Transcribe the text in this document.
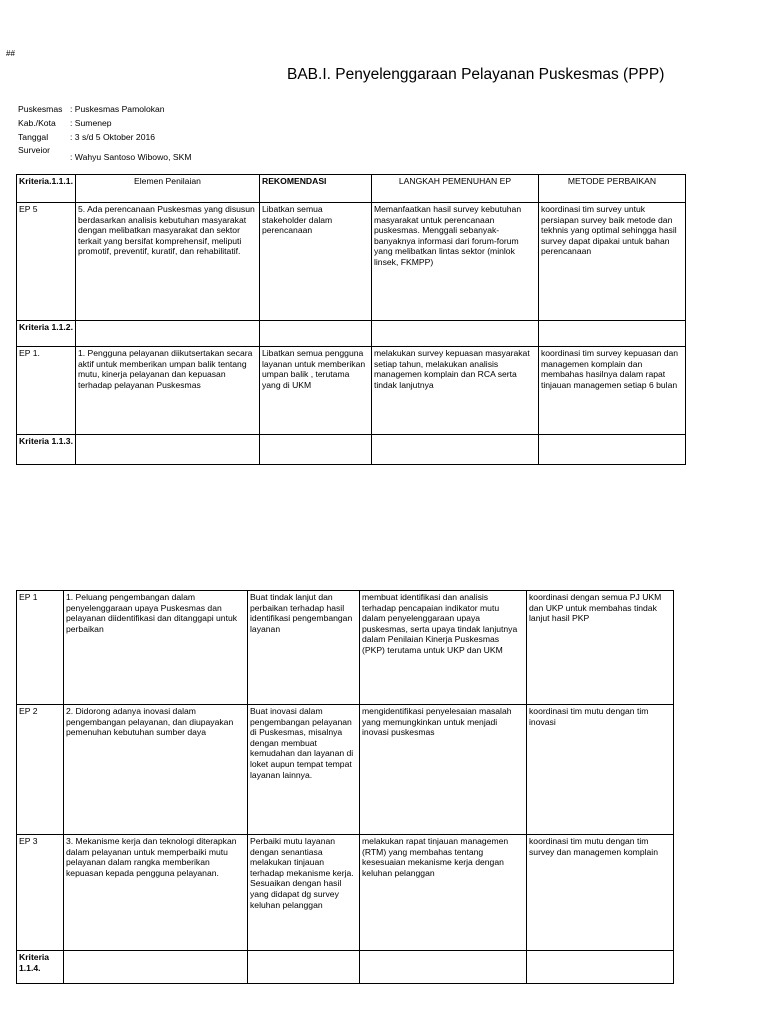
##
BAB.I. Penyelenggaraan Pelayanan Puskesmas (PPP)
Puskesmas : Puskesmas Pamolokan
Kab./Kota : Sumenep
Tanggal	: 3 s/d 5 Oktober 2016
Surveior
: Wahyu Santoso Wibowo, SKM
Kriteria.1.1.1.	Elemen Penilaian	REKOMENDASI	LANGKAH PEMENUHAN EP	METODE PERBAIKAN
EP 5	5. Ada perencanaan Puskesmas yang disusun berdasarkan analisis kebutuhan masyarakat dengan melibatkan masyarakat dan sektor terkait yang bersifat komprehensif, meliputi promotif, preventif, kuratif, dan rehabilitatif.	Libatkan semua stakeholder dalam perencanaan	Memanfaatkan hasil survey kebutuhan masyarakat untuk perencanaan puskesmas. Menggali sebanyak-banyaknya informasi dari forum-forum yang melibatkan lintas sektor (minlok linsek, FKMPP)	koordinasi tim survey untuk persiapan survey baik metode dan tekhnis yang optimal sehingga hasil survey dapat dipakai untuk bahan perencanaan
Kriteria 1.1.2.				
EP 1.	1. Pengguna pelayanan diikutsertakan secara aktif untuk memberikan umpan balik tentang mutu, kinerja pelayanan dan kepuasan terhadap pelayanan Puskesmas	Libatkan semua pengguna layanan untuk memberikan umpan balik , terutama yang di UKM	melakukan survey kepuasan masyarakat setiap tahun, melakukan analisis managemen komplain dan RCA serta tindak lanjutnya	koordinasi tim survey kepuasan dan managemen komplain dan membahas hasilnya dalam rapat tinjauan managemen setiap 6 bulan
Kriteria 1.1.3.				
EP 1	1. Peluang pengembangan dalam penyelenggaraan upaya Puskesmas dan pelayanan diidentifikasi dan ditanggapi untuk perbaikan	Buat tindak lanjut dan perbaikan terhadap hasil identifikasi pengembangan layanan	membuat identifikasi dan analisis terhadap pencapaian indikator mutu dalam penyelenggaraan upaya puskesmas, serta upaya tindak lanjutnya dalam Penilaian Kinerja Puskesmas (PKP) terutama untuk UKP dan UKM	koordinasi dengan semua PJ UKM dan UKP untuk membahas tindak lanjut hasil PKP
EP 2	2. Didorong adanya inovasi dalam pengembangan pelayanan, dan diupayakan pemenuhan kebutuhan sumber daya	Buat inovasi dalam pengembangan pelayanan di Puskesmas, misalnya dengan membuat kemudahan dan layanan di loket aupun tempat tempat layanan lainnya.	mengidentifikasi penyelesaian masalah yang memungkinkan untuk menjadi inovasi puskesmas	koordinasi tim mutu dengan tim inovasi
EP 3	3. Mekanisme kerja dan teknologi diterapkan dalam pelayanan untuk memperbaiki mutu pelayanan dalam rangka memberikan kepuasan kepada pengguna pelayanan.	Perbaiki mutu layanan dengan senantiasa melakukan tinjauan terhadap mekanisme kerja. Sesuaikan dengan hasil yang didapat dg survey keluhan pelanggan	melakukan rapat tinjauan managemen (RTM) yang membahas tentang kesesuaian mekanisme kerja dengan keluhan pelanggan	koordinasi tim mutu dengan tim survey dan managemen komplain
Kriteria 1.1.4.				
